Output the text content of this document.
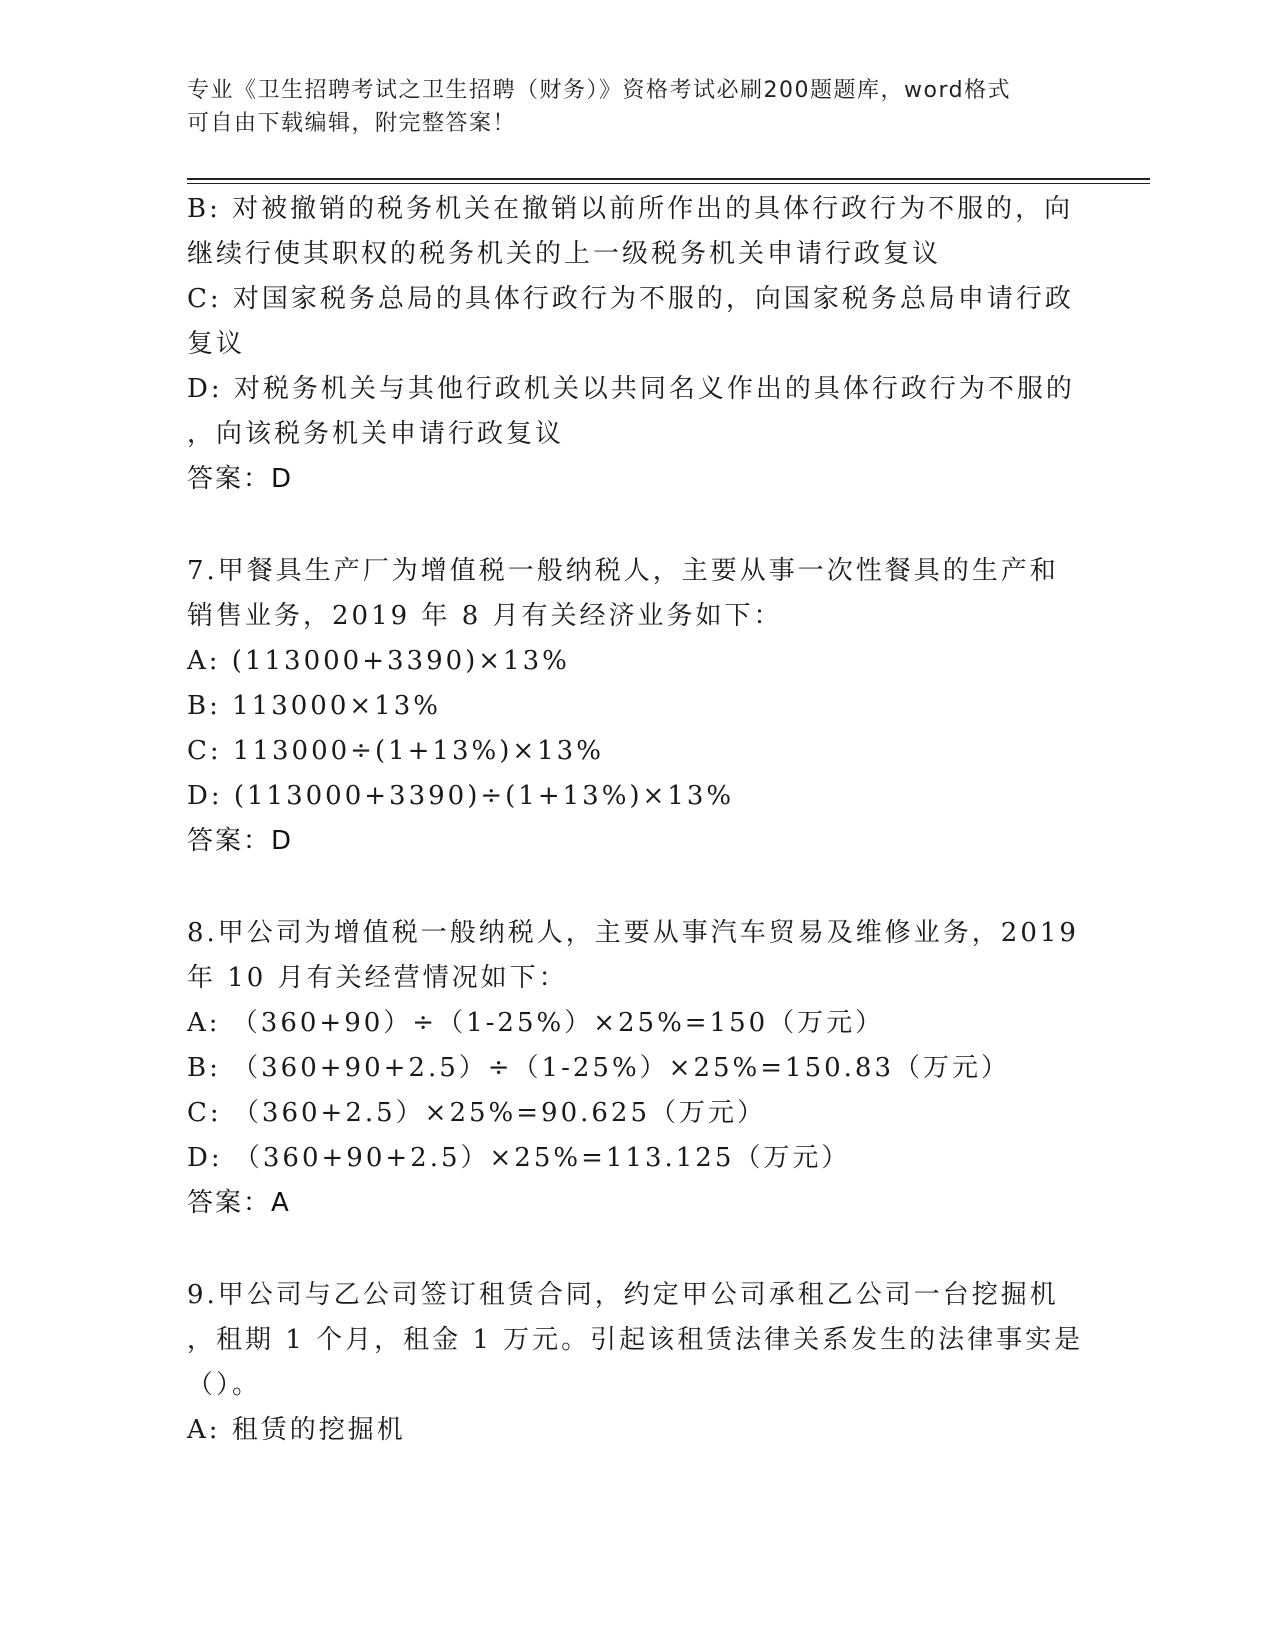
专业《卫生招聘考试之卫生招聘（财务）》资格考试必刷200题题库，word格式
可自由下载编辑，附完整答案！
B: 对被撤销的税务机关在撤销以前所作出的具体行政行为不服的，向
继续行使其职权的税务机关的上一级税务机关申请行政复议
C: 对国家税务总局的具体行政行为不服的，向国家税务总局申请行政
复议
D: 对税务机关与其他行政机关以共同名义作出的具体行政行为不服的
，向该税务机关申请行政复议
答案：D
7.甲餐具生产厂为增值税一般纳税人，主要从事一次性餐具的生产和
销售业务，2019 年 8 月有关经济业务如下：
A: (113000+3390)×13%
B: 113000×13%
C: 113000÷(1+13%)×13%
D: (113000+3390)÷(1+13%)×13%
答案：D
8.甲公司为增值税一般纳税人，主要从事汽车贸易及维修业务，2019
年 10 月有关经营情况如下：
A: （360+90）÷（1-25%）×25%=150（万元）
B: （360+90+2.5）÷（1-25%）×25%=150.83（万元）
C: （360+2.5）×25%=90.625（万元）
D: （360+90+2.5）×25%=113.125（万元）
答案：A
9.甲公司与乙公司签订租赁合同，约定甲公司承租乙公司一台挖掘机
，租期 1 个月，租金 1 万元。引起该租赁法律关系发生的法律事实是
（）。
A: 租赁的挖掘机
